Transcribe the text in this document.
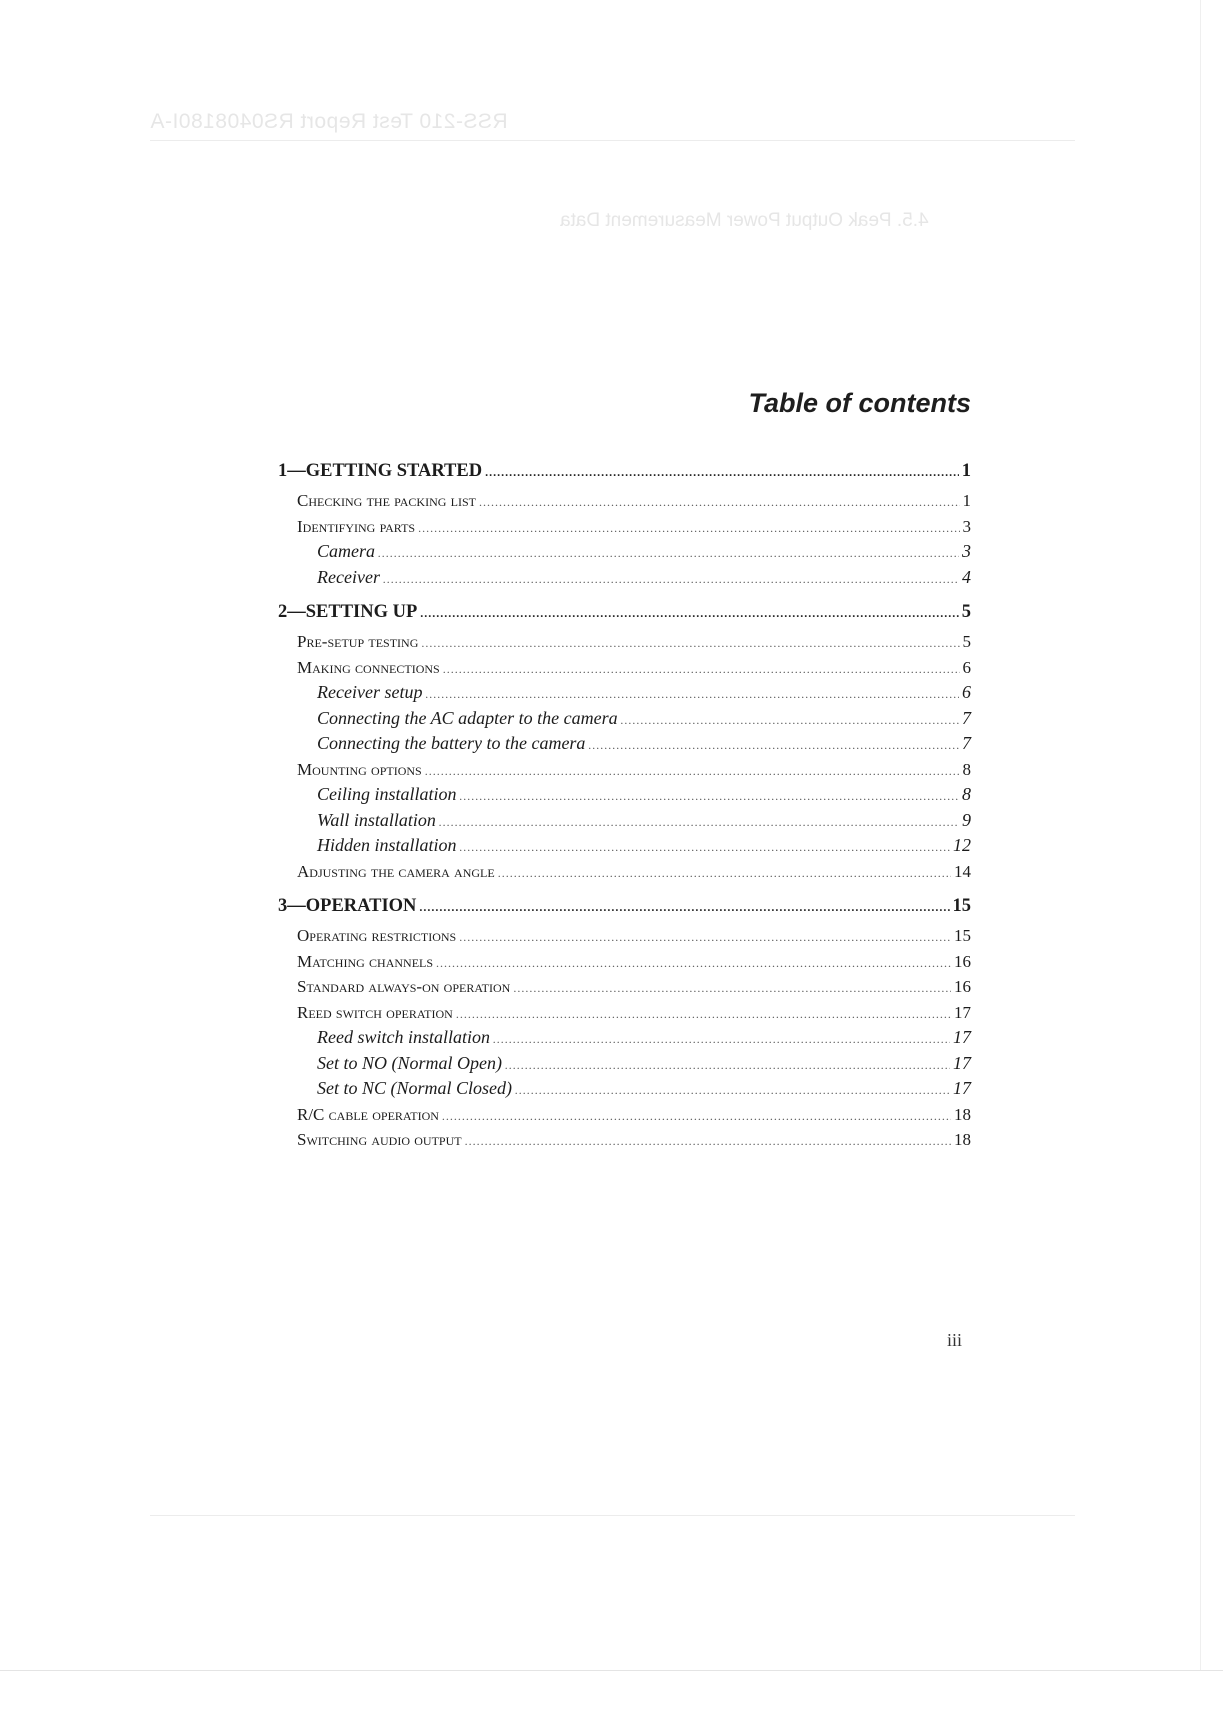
RSS-210 Test Report RS0408180I-A
4.5. Peak Output Power Measurement Data
Table of contents
1—GETTING STARTED .....	1
Checking the packing list .....	1
Identifying parts .....	3
Camera .....	3
Receiver .....	4
2—SETTING UP .....	5
Pre-setup testing .....	5
Making connections .....	6
Receiver setup .....	6
Connecting the AC adapter to the camera .....	7
Connecting the battery to the camera .....	7
Mounting options .....	8
Ceiling installation .....	8
Wall installation .....	9
Hidden installation .....	12
Adjusting the camera angle .....	14
3—OPERATION .....	15
Operating restrictions .....	15
Matching channels .....	16
Standard always-on operation .....	16
Reed switch operation .....	17
Reed switch installation .....	17
Set to NO (Normal Open) .....	17
Set to NC (Normal Closed) .....	17
R/C cable operation .....	18
Switching audio output .....	18
iii
